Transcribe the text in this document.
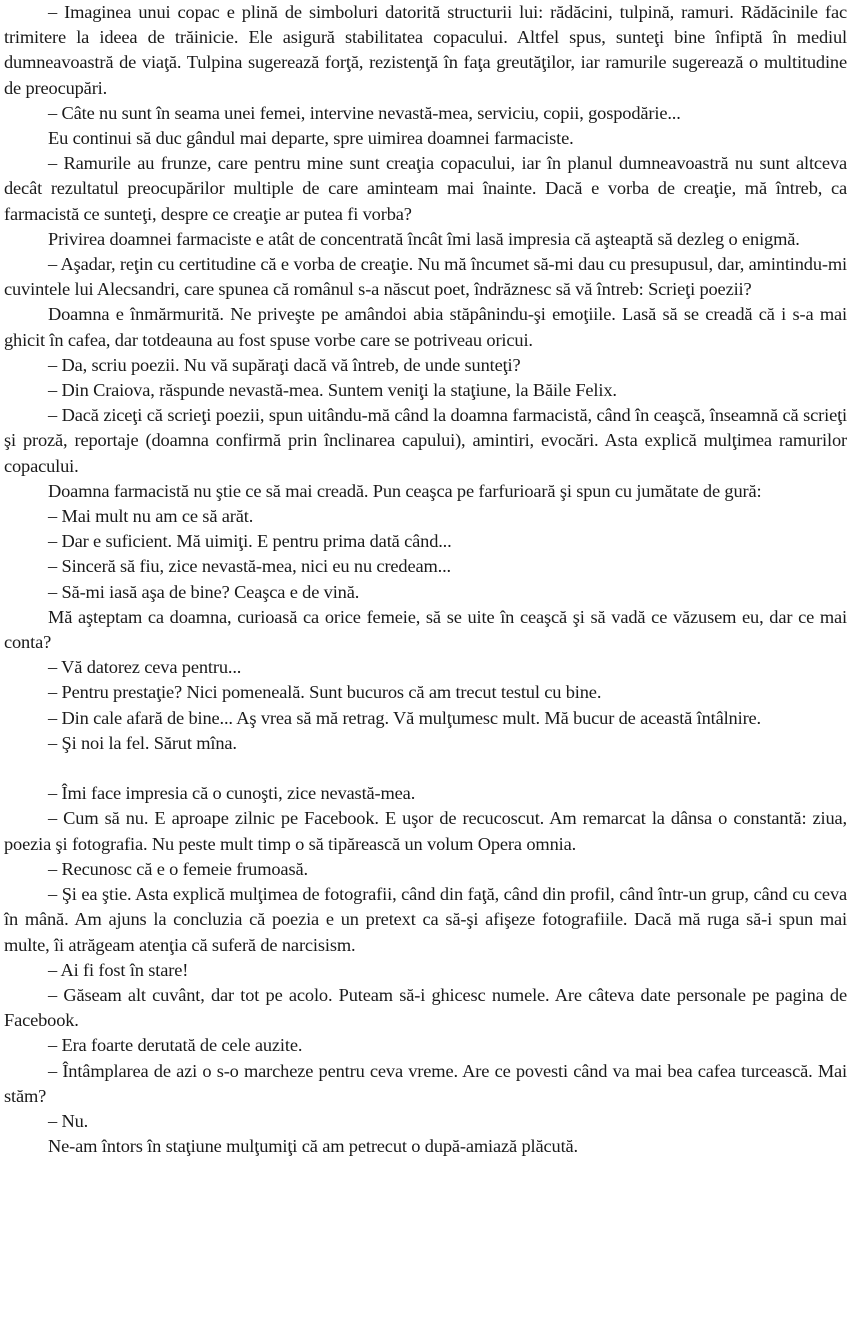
– Imaginea unui copac e plină de simboluri datorită structurii lui: rădăcini, tulpină, ramuri. Rădăcinile fac trimitere la ideea de trăinicie. Ele asigură stabilitatea copacului. Altfel spus, sunteţi bine înfiptă în mediul dumneavoastră de viaţă. Tulpina sugerează forţă, rezistenţă în faţa greutăţilor, iar ramurile sugerează o multitudine de preocupări.

– Câte nu sunt în seama unei femei, intervine nevastă-mea, serviciu, copii, gospodărie...

Eu continui să duc gândul mai departe, spre uimirea doamnei farmaciste.

– Ramurile au frunze, care pentru mine sunt creaţia copacului, iar în planul dumneavoastră nu sunt altceva decât rezultatul preocupărilor multiple de care aminteam mai înainte. Dacă e vorba de creaţie, mă întreb, ca farmacistă ce sunteţi, despre ce creaţie ar putea fi vorba?

Privirea doamnei farmaciste e atât de concentrată încât îmi lasă impresia că aşteaptă să dezleg o enigmă.

– Aşadar, reţin cu certitudine că e vorba de creaţie. Nu mă încumet să-mi dau cu presupusul, dar, amintindu-mi cuvintele lui Alecsandri, care spunea că românul s-a născut poet, îndrăznesc să vă întreb: Scrieţi poezii?

Doamna e înmărmurită. Ne priveşte pe amândoi abia stăpânindu-şi emoţiile. Lasă să se creadă că i s-a mai ghicit în cafea, dar totdeauna au fost spuse vorbe care se potriveau oricui.

– Da, scriu poezii. Nu vă supăraţi dacă vă întreb, de unde sunteţi?

– Din Craiova, răspunde nevastă-mea. Suntem veniţi la staţiune, la Băile Felix.

– Dacă ziceţi că scrieţi poezii, spun uitându-mă când la doamna farmacistă, când în ceaşcă, înseamnă că scrieţi şi proză, reportaje (doamna confirmă prin înclinarea capului), amintiri, evocări. Asta explică mulţimea ramurilor copacului.

Doamna farmacistă nu ştie ce să mai creadă. Pun ceaşca pe farfurioară şi spun cu jumătate de gură:

– Mai mult nu am ce să arăt.

– Dar e suficient. Mă uimiţi. E pentru prima dată când...

– Sinceră să fiu, zice nevastă-mea, nici eu nu credeam...

– Să-mi iasă aşa de bine? Ceaşca e de vină.

Mă aşteptam ca doamna, curioasă ca orice femeie, să se uite în ceaşcă şi să vadă ce văzusem eu, dar ce mai conta?

– Vă datorez ceva pentru...

– Pentru prestaţie? Nici pomeneală. Sunt bucuros că am trecut testul cu bine.

– Din cale afară de bine... Aş vrea să mă retrag. Vă mulţumesc mult. Mă bucur de această întâlnire.

– Şi noi la fel. Sărut mîna.

– Îmi face impresia că o cunoşti, zice nevastă-mea.

– Cum să nu. E aproape zilnic pe Facebook. E uşor de recucoscut. Am remarcat la dânsa o constantă: ziua, poezia şi fotografia. Nu peste mult timp o să tipărească un volum Opera omnia.

– Recunosc că e o femeie frumoasă.

– Şi ea ştie. Asta explică mulţimea de fotografii, când din faţă, când din profil, când într-un grup, când cu ceva în mână. Am ajuns la concluzia că poezia e un pretext ca să-şi afişeze fotografiile. Dacă mă ruga să-i spun mai multe, îi atrăgeam atenţia că suferă de narcisism.

– Ai fi fost în stare!

– Găseam alt cuvânt, dar tot pe acolo. Puteam să-i ghicesc numele. Are câteva date personale pe pagina de Facebook.

– Era foarte derutată de cele auzite.

– Întâmplarea de azi o s-o marcheze pentru ceva vreme. Are ce povesti când va mai bea cafea turcească. Mai stăm?

– Nu.

Ne-am întors în staţiune mulţumiţi că am petrecut o după-amiază plăcută.
